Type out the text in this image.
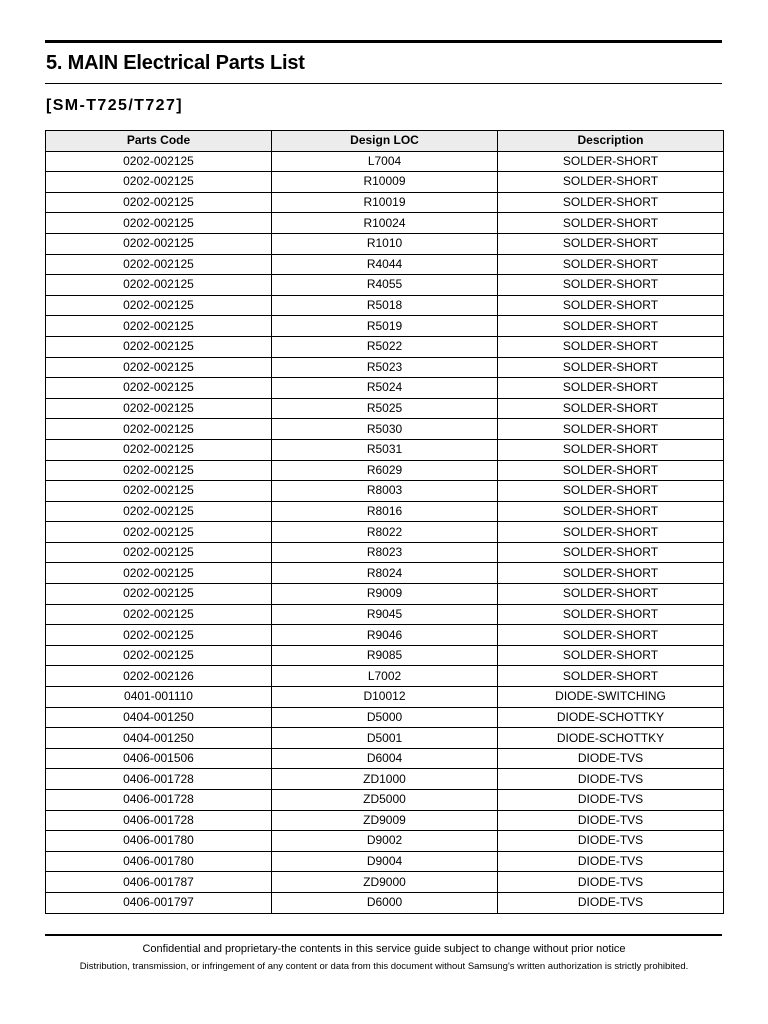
5. MAIN Electrical Parts List
[SM-T725/T727]
Parts Code	Design LOC	Description
0202-002125	L7004	SOLDER-SHORT
0202-002125	R10009	SOLDER-SHORT
0202-002125	R10019	SOLDER-SHORT
0202-002125	R10024	SOLDER-SHORT
0202-002125	R1010	SOLDER-SHORT
0202-002125	R4044	SOLDER-SHORT
0202-002125	R4055	SOLDER-SHORT
0202-002125	R5018	SOLDER-SHORT
0202-002125	R5019	SOLDER-SHORT
0202-002125	R5022	SOLDER-SHORT
0202-002125	R5023	SOLDER-SHORT
0202-002125	R5024	SOLDER-SHORT
0202-002125	R5025	SOLDER-SHORT
0202-002125	R5030	SOLDER-SHORT
0202-002125	R5031	SOLDER-SHORT
0202-002125	R6029	SOLDER-SHORT
0202-002125	R8003	SOLDER-SHORT
0202-002125	R8016	SOLDER-SHORT
0202-002125	R8022	SOLDER-SHORT
0202-002125	R8023	SOLDER-SHORT
0202-002125	R8024	SOLDER-SHORT
0202-002125	R9009	SOLDER-SHORT
0202-002125	R9045	SOLDER-SHORT
0202-002125	R9046	SOLDER-SHORT
0202-002125	R9085	SOLDER-SHORT
0202-002126	L7002	SOLDER-SHORT
0401-001110	D10012	DIODE-SWITCHING
0404-001250	D5000	DIODE-SCHOTTKY
0404-001250	D5001	DIODE-SCHOTTKY
0406-001506	D6004	DIODE-TVS
0406-001728	ZD1000	DIODE-TVS
0406-001728	ZD5000	DIODE-TVS
0406-001728	ZD9009	DIODE-TVS
0406-001780	D9002	DIODE-TVS
0406-001780	D9004	DIODE-TVS
0406-001787	ZD9000	DIODE-TVS
0406-001797	D6000	DIODE-TVS
Confidential and proprietary-the contents in this service guide subject to change without prior notice
Distribution, transmission, or infringement of any content or data from this document without Samsung's written authorization is strictly prohibited.
